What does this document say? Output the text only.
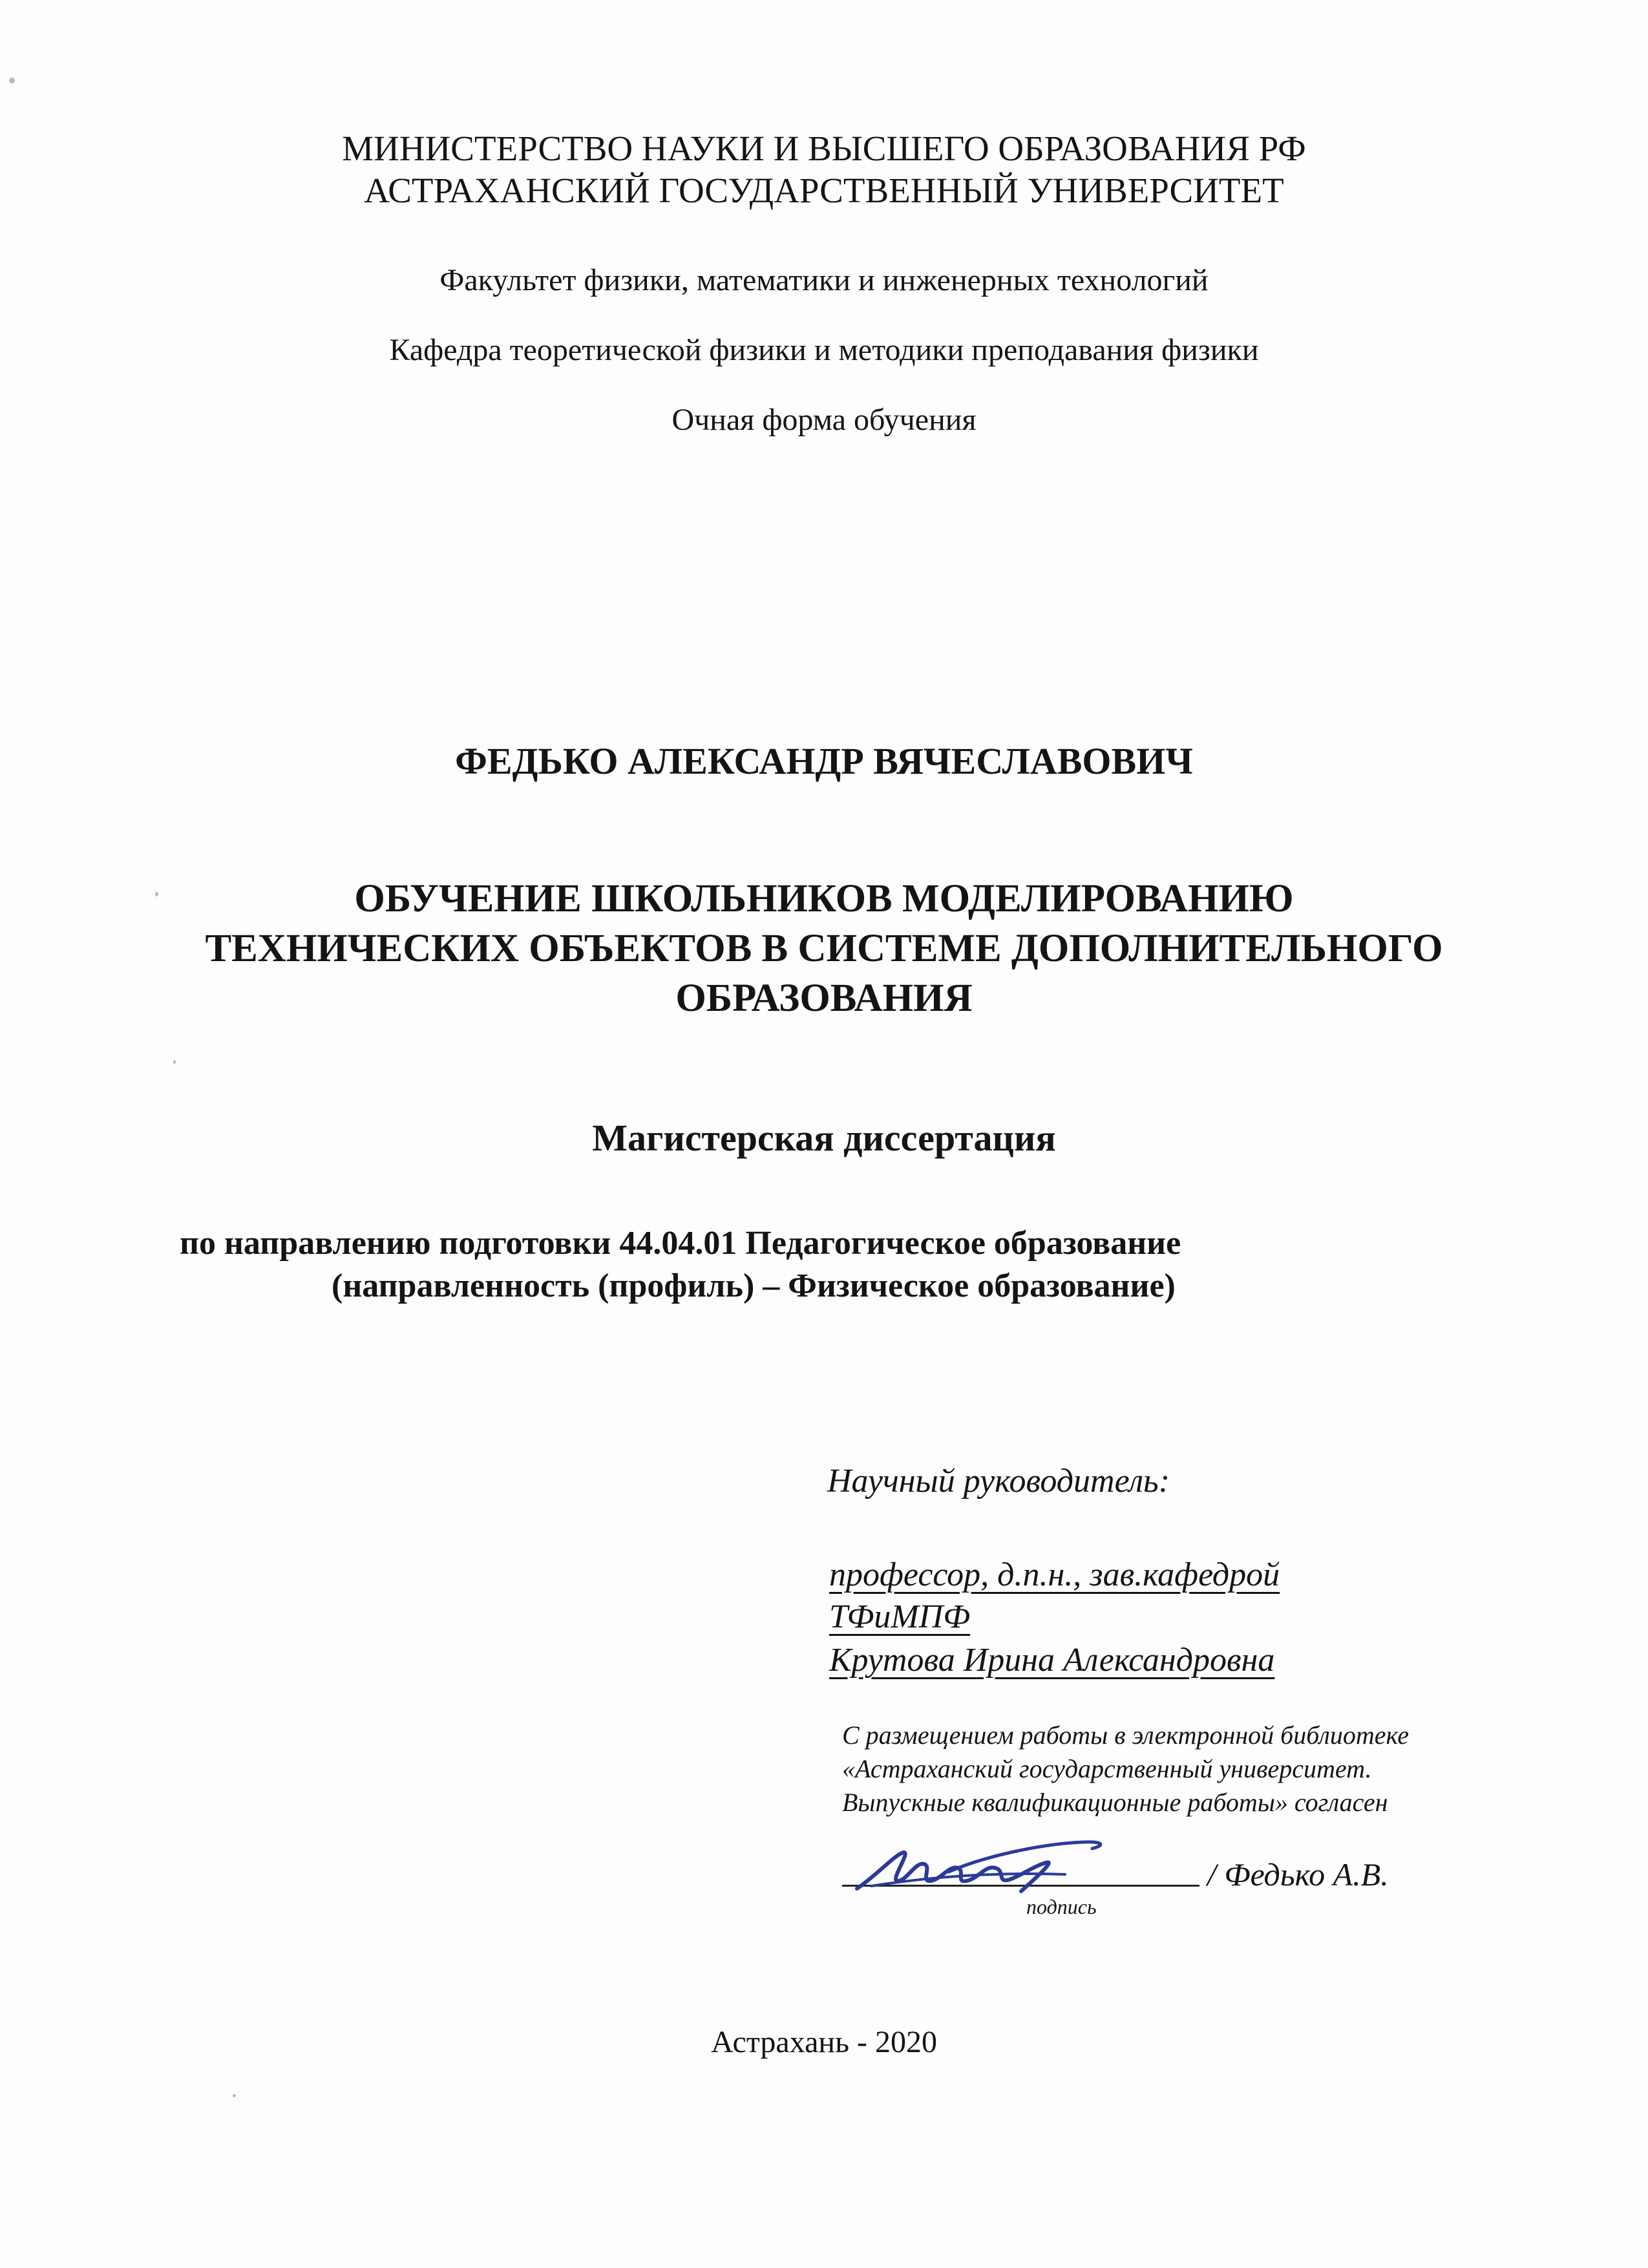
МИНИСТЕРСТВО НАУКИ И ВЫСШЕГО ОБРАЗОВАНИЯ РФ
АСТРАХАНСКИЙ ГОСУДАРСТВЕННЫЙ УНИВЕРСИТЕТ
Факультет физики, математики и инженерных технологий
Кафедра теоретической физики и методики преподавания физики
Очная форма обучения
ФЕДЬКО АЛЕКСАНДР ВЯЧЕСЛАВОВИЧ
ОБУЧЕНИЕ ШКОЛЬНИКОВ МОДЕЛИРОВАНИЮ
ТЕХНИЧЕСКИХ ОБЪЕКТОВ В СИСТЕМЕ ДОПОЛНИТЕЛЬНОГО
ОБРАЗОВАНИЯ
Магистерская диссертация
по направлению подготовки 44.04.01 Педагогическое образование
(направленность (профиль) – Физическое образование)
Научный руководитель:
профессор, д.п.н., зав.кафедрой
ТФиМПФ
Крутова Ирина Александровна
С размещением работы в электронной библиотеке
«Астраханский государственный университет.
Выпускные квалификационные работы» согласен
/ Федько А.В.
подпись
Астрахань - 2020
